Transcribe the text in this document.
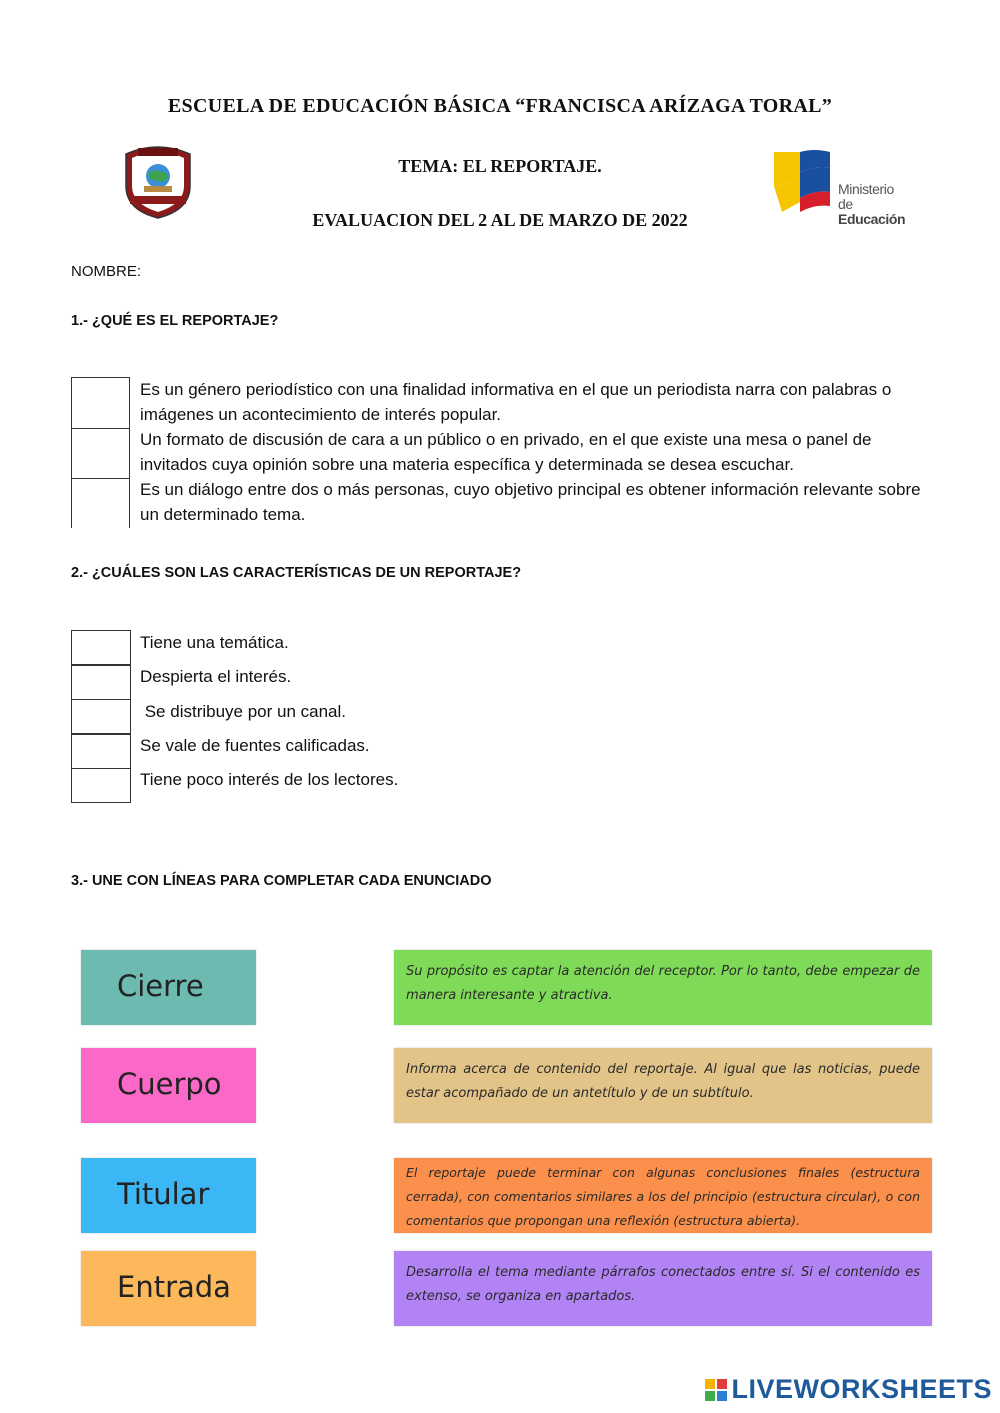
ESCUELA DE EDUCACIÓN BÁSICA “FRANCISCA ARÍZAGA TORAL”
TEMA: EL REPORTAJE.
EVALUACION DEL 2 AL DE MARZO DE 2022
Ministerio
de Educación
NOMBRE:
1.- ¿QUÉ ES EL REPORTAJE?
Es un género periodístico con una finalidad informativa en el que un periodista narra con palabras o imágenes un acontecimiento de interés popular.
Un formato de discusión de cara a un público o en privado, en el que existe una mesa o panel de invitados cuya opinión sobre una materia específica y determinada se desea escuchar.
Es un diálogo entre dos o más personas, cuyo objetivo principal es obtener información relevante sobre un determinado tema.
2.- ¿CUÁLES SON LAS CARACTERÍSTICAS DE UN REPORTAJE?
Tiene una temática.
Despierta el interés.
Se distribuye por un canal.
Se vale de fuentes calificadas.
Tiene poco interés de los lectores.
3.- UNE CON LÍNEAS PARA COMPLETAR CADA ENUNCIADO
Cierre
Cuerpo
Titular
Entrada
Su propósito es captar la atención del receptor. Por lo tanto, debe empezar de manera interesante y atractiva.
Informa acerca de contenido del reportaje. Al igual que las noticias, puede estar acompañado de un antetítulo y de un subtítulo.
El reportaje puede terminar con algunas conclusiones finales (estructura cerrada), con comentarios similares a los del principio (estructura circular), o con comentarios que propongan una reflexión (estructura abierta).
Desarrolla el tema mediante párrafos conectados entre sí. Si el contenido es extenso, se organiza en apartados.
LIVEWORKSHEETS
